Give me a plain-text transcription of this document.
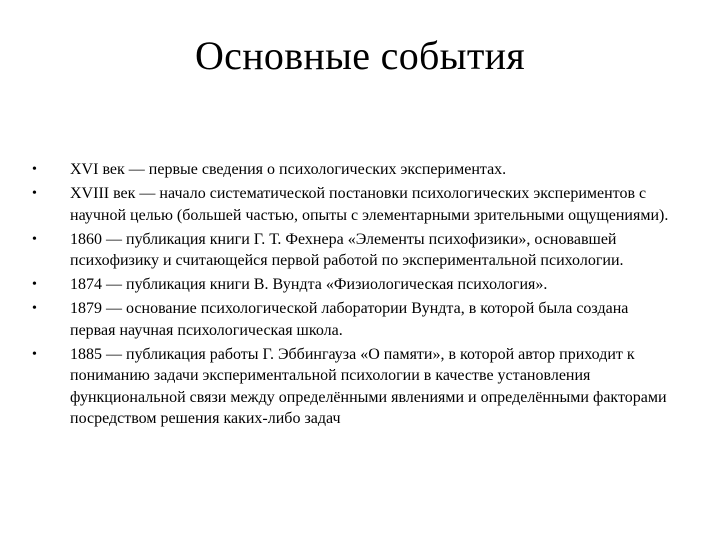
Основные события
•	XVI век — первые сведения о психологических экспериментах.
•	XVIII век — начало систематической постановки психологических экспериментов с научной целью (большей частью, опыты с элементарными зрительными ощущениями).
•	1860 — публикация книги Г. Т. Фехнера «Элементы психофизики», основавшей психофизику и считающейся первой работой по экспериментальной психологии.
•	1874 — публикация книги В. Вундта «Физиологическая психология».
•	1879 — основание психологической лаборатории Вундта, в которой была создана первая научная психологическая школа.
•	1885 — публикация работы Г. Эббингауза «О памяти», в которой автор приходит к пониманию задачи экспериментальной психологии в качестве установления функциональной связи между определёнными явлениями и определёнными факторами посредством решения каких-либо задач
